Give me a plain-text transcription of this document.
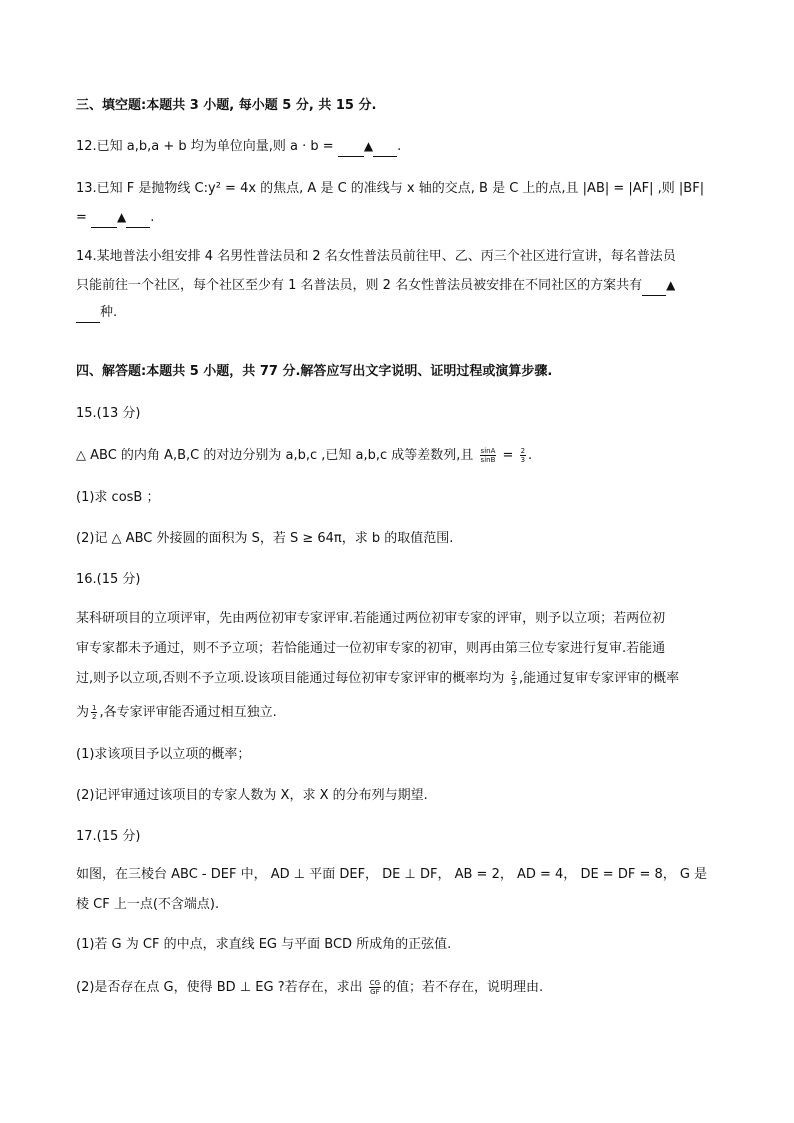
三、填空题:本题共 3 小题, 每小题 5 分, 共 15 分.
12.已知 a,b,a + b 均为单位向量,则 a · b =	▲ .
13.已知 F 是抛物线 C:y² = 4x 的焦点, A 是 C 的准线与 x 轴的交点, B 是 C 上的点,且 |AB| = |AF| ,则 |BF|
=	▲ .
14.某地普法小组安排 4 名男性普法员和 2 名女性普法员前往甲、乙、丙三个社区进行宣讲，每名普法员
只能前往一个社区，每个社区至少有 1 名普法员，则 2 名女性普法员被安排在不同社区的方案共有 ▲
种.
四、解答题:本题共 5 小题，共 77 分.解答应写出文字说明、证明过程或演算步骤.
15.(13 分)
△ ABC 的内角 A,B,C 的对边分别为 a,b,c ,已知 a,b,c 成等差数列,且 $\frac{\sin A}{\sin B} = \frac{2}{3}$ .
(1)求 cosB ；
(2)记 △ ABC 外接圆的面积为 S，若 S ≥ 64π，求 b 的取值范围.
16.(15 分)
某科研项目的立项评审，先由两位初审专家评审.若能通过两位初审专家的评审，则予以立项；若两位初
审专家都未予通过，则不予立项；若恰能通过一位初审专家的初审，则再由第三位专家进行复审.若能通
过,则予以立项,否则不予立项.设该项目能通过每位初审专家评审的概率均为 $\frac{2}{3}$ ,能通过复审专家评审的概率
为 $\frac{1}{2}$ ,各专家评审能否通过相互独立.
(1)求该项目予以立项的概率；
(2)记评审通过该项目的专家人数为 X，求 X 的分布列与期望.
17.(15 分)
如图，在三棱台 ABC - DEF 中， AD ⊥ 平面 DEF， DE ⊥ DF， AB = 2， AD = 4， DE = DF = 8， G 是
棱 CF 上一点(不含端点).
(1)若 G 为 CF 的中点，求直线 EG 与平面 BCD 所成角的正弦值.
(2)是否存在点 G，使得 BD ⊥ EG ?若存在，求出 $\frac{CG}{GF}$ 的值；若不存在，说明理由.
